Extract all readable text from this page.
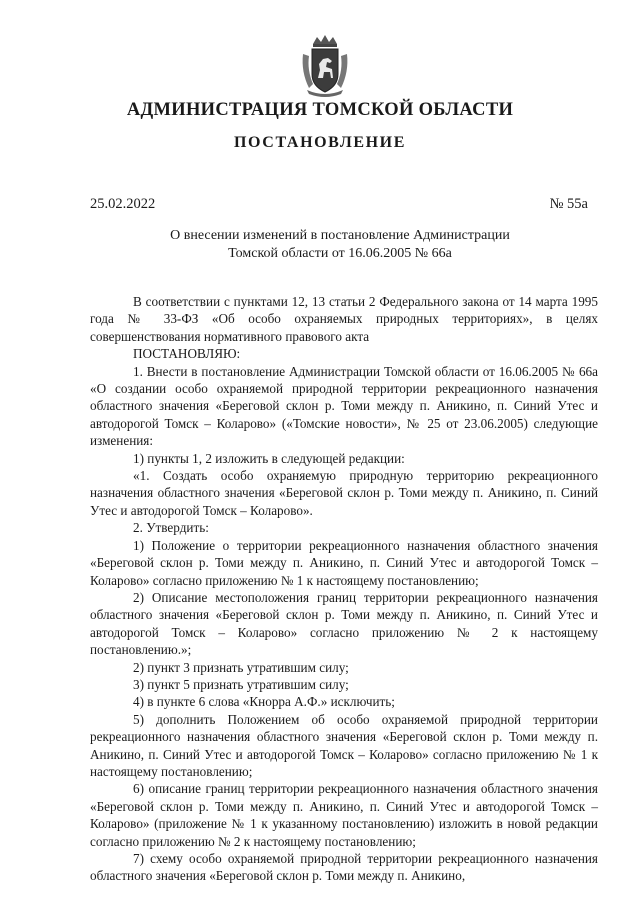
АДМИНИСТРАЦИЯ ТОМСКОЙ ОБЛАСТИ
ПОСТАНОВЛЕНИЕ
25.02.2022	№ 55а
О внесении изменений в постановление Администрации
Томской области от 16.06.2005 № 66а

В соответствии с пунктами 12, 13 статьи 2 Федерального закона от 14 марта 1995 года № 33-ФЗ «Об особо охраняемых природных территориях», в целях совершенствования нормативного правового акта

ПОСТАНОВЛЯЮ:

1. Внести в постановление Администрации Томской области от 16.06.2005 № 66а «О создании особо охраняемой природной территории рекреационного назначения областного значения «Береговой склон р. Томи между п. Аникино, п. Синий Утес и автодорогой Томск – Коларово» («Томские новости», № 25 от 23.06.2005) следующие изменения:

1) пункты 1, 2 изложить в следующей редакции:

«1. Создать особо охраняемую природную территорию рекреационного назначения областного значения «Береговой склон р. Томи между п. Аникино, п. Синий Утес и автодорогой Томск – Коларово».

2. Утвердить:

1) Положение о территории рекреационного назначения областного значения «Береговой склон р. Томи между п. Аникино, п. Синий Утес и автодорогой Томск – Коларово» согласно приложению № 1 к настоящему постановлению;

2) Описание местоположения границ территории рекреационного назначения областного значения «Береговой склон р. Томи между п. Аникино, п. Синий Утес и автодорогой Томск – Коларово» согласно приложению № 2 к настоящему постановлению.»;

2) пункт 3 признать утратившим силу;

3) пункт 5 признать утратившим силу;

4) в пункте 6 слова «Кнорра А.Ф.» исключить;

5) дополнить Положением об особо охраняемой природной территории рекреационного назначения областного значения «Береговой склон р. Томи между п. Аникино, п. Синий Утес и автодорогой Томск – Коларово» согласно приложению № 1 к настоящему постановлению;

6) описание границ территории рекреационного назначения областного значения «Береговой склон р. Томи между п. Аникино, п. Синий Утес и автодорогой Томск – Коларово» (приложение № 1 к указанному постановлению) изложить в новой редакции согласно приложению № 2 к настоящему постановлению;

7) схему особо охраняемой природной территории рекреационного назначения областного значения «Береговой склон р. Томи между п. Аникино,
